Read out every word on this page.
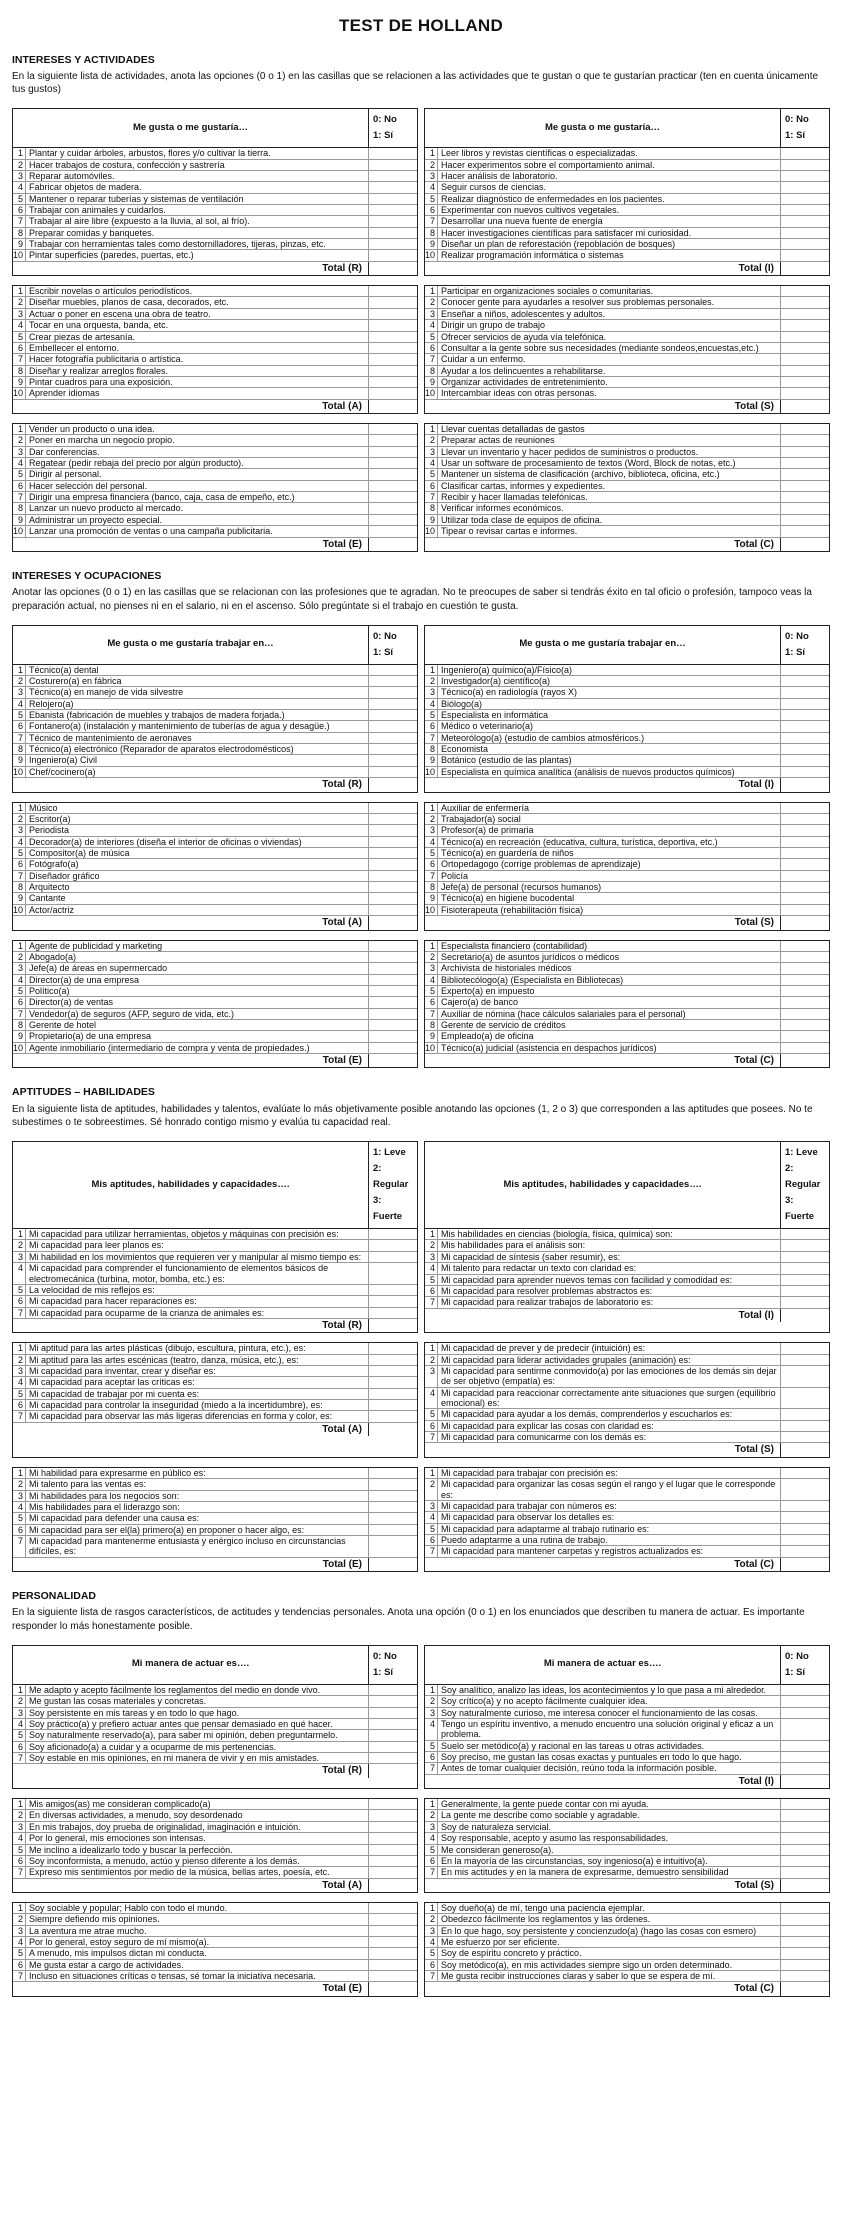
TEST DE HOLLAND
INTERESES Y ACTIVIDADES

En la siguiente lista de actividades, anota las opciones (0 o 1) en las casillas que se relacionen a las actividades que te gustan o que te gustarían practicar (ten en cuenta únicamente tus gustos)

Me gusta o me gustaría…
0: No
1: Sí
1 Plantar y cuidar árboles, arbustos, flores y/o cultivar la tierra.
2 Hacer trabajos de costura, confección y sastrería
3 Reparar automóviles.
4 Fabricar objetos de madera.
5 Mantener o reparar tuberías y sistemas de ventilación
6 Trabajar con animales y cuidarlos.
7 Trabajar al aire libre (expuesto a la lluvia, al sol, al frío).
8 Preparar comidas y banquetes.
9 Trabajar con herramientas tales como destornilladores, tijeras, pinzas, etc.
10 Pintar superficies (paredes, puertas, etc.)
Total (R)
Me gusta o me gustaría…
0: No
1: Sí
1 Leer libros y revistas científicas o especializadas.
2 Hacer experimentos sobre el comportamiento animal.
3 Hacer análisis de laboratorio.
4 Seguir cursos de ciencias.
5 Realizar diagnóstico de enfermedades en los pacientes.
6 Experimentar con nuevos cultivos vegetales.
7 Desarrollar una nueva fuente de energía
8 Hacer investigaciones científicas para satisfacer mi curiosidad.
9 Diseñar un plan de reforestación (repoblación de bosques)
10 Realizar programación informática o sistemas
Total (I)
1 Escribir novelas o artículos periodísticos.
2 Diseñar muebles, planos de casa, decorados, etc.
3 Actuar o poner en escena una obra de teatro.
4 Tocar en una orquesta, banda, etc.
5 Crear piezas de artesanía.
6 Embellecer el entorno.
7 Hacer fotografía publicitaria o artística.
8 Diseñar y realizar arreglos florales.
9 Pintar cuadros para una exposición.
10 Aprender idiomas
Total (A)
1 Participar en organizaciones sociales o comunitarias.
2 Conocer gente para ayudarles a resolver sus problemas personales.
3 Enseñar a niños, adolescentes y adultos.
4 Dirigir un grupo de trabajo
5 Ofrecer servicios de ayuda vía telefónica.
6 Consultar a la gente sobre sus necesidades (mediante sondeos,encuestas,etc.)
7 Cuidar a un enfermo.
8 Ayudar a los delincuentes a rehabilitarse.
9 Organizar actividades de entretenimiento.
10 Intercambiar ideas con otras personas.
Total (S)
1 Vender un producto o una idea.
2 Poner en marcha un negocio propio.
3 Dar conferencias.
4 Regatear (pedir rebaja del precio por algún producto).
5 Dirigir al personal.
6 Hacer selección del personal.
7 Dirigir una empresa financiera (banco, caja, casa de empeño, etc.)
8 Lanzar un nuevo producto al mercado.
9 Administrar un proyecto especial.
10 Lanzar una promoción de ventas o una campaña publicitaria.
Total (E)
1 Llevar cuentas detalladas de gastos
2 Preparar actas de reuniones
3 Llevar un inventario y hacer pedidos de suministros o productos.
4 Usar un software de procesamiento de textos (Word, Block de notas, etc.)
5 Mantener un sistema de clasificación (archivo, biblioteca, oficina, etc.)
6 Clasificar cartas, informes y expedientes.
7 Recibir y hacer llamadas telefónicas.
8 Verificar informes económicos.
9 Utilizar toda clase de equipos de oficina.
10 Tipear o revisar cartas e informes.
Total (C)
INTERESES Y OCUPACIONES

Anotar las opciones (0 o 1) en las casillas que se relacionan con las profesiones que te agradan. No te preocupes de saber si tendrás éxito en tal oficio o profesión, tampoco veas la preparación actual, no pienses ni en el salario, ni en el ascenso. Sólo pregúntate si el trabajo en cuestión te gusta.

Me gusta o me gustaría trabajar en…
0: No
1: Sí
1 Técnico(a) dental
2 Costurero(a) en fábrica
3 Técnico(a) en manejo de vida silvestre
4 Relojero(a)
5 Ebanista (fabricación de muebles y trabajos de madera forjada.)
6 Fontanero(a) (instalación y mantenimiento de tuberías de agua y desagüe.)
7 Técnico de mantenimiento de aeronaves
8 Técnico(a) electrónico (Reparador de aparatos electrodomésticos)
9 Ingeniero(a) Civil
10 Chef/cocinero(a)
Total (R)
Me gusta o me gustaría trabajar en…
0: No
1: Sí
1 Ingeniero(a) químico(a)/Físico(a)
2 Investigador(a) científico(a)
3 Técnico(a) en radiología (rayos X)
4 Biólogo(a)
5 Especialista en informática
6 Médico o veterinario(a)
7 Meteorólogo(a) (estudio de cambios atmosféricos.)
8 Economista
9 Botánico (estudio de las plantas)
10 Especialista en química analítica (análisis de nuevos productos químicos)
Total (I)
1 Músico
2 Escritor(a)
3 Periodista
4 Decorador(a) de interiores (diseña el interior de oficinas o viviendas)
5 Compositor(a) de música
6 Fotógrafo(a)
7 Diseñador gráfico
8 Arquitecto
9 Cantante
10 Actor/actriz
Total (A)
1 Auxiliar de enfermería
2 Trabajador(a) social
3 Profesor(a) de primaria
4 Técnico(a) en recreación (educativa, cultura, turística, deportiva, etc.)
5 Técnico(a) en guardería de niños
6 Ortopedagogo (corrige problemas de aprendizaje)
7 Policía
8 Jefe(a) de personal (recursos humanos)
9 Técnico(a) en higiene bucodental
10 Fisioterapeuta (rehabilitación física)
Total (S)
1 Agente de publicidad y marketing
2 Abogado(a)
3 Jefe(a) de áreas en supermercado
4 Director(a) de una empresa
5 Político(a)
6 Director(a) de ventas
7 Vendedor(a) de seguros (AFP, seguro de vida, etc.)
8 Gerente de hotel
9 Propietario(a) de una empresa
10 Agente inmobiliario (intermediario de compra y venta de propiedades.)
Total (E)
1 Especialista financiero (contabilidad)
2 Secretario(a) de asuntos jurídicos o médicos
3 Archivista de historiales médicos
4 Bibliotecólogo(a) (Especialista en Bibliotecas)
5 Experto(a) en impuesto
6 Cajero(a) de banco
7 Auxiliar de nómina (hace cálculos salariales para el personal)
8 Gerente de servicio de créditos
9 Empleado(a) de oficina
10 Técnico(a) judicial (asistencia en despachos jurídicos)
Total (C)
APTITUDES – HABILIDADES

En la siguiente lista de aptitudes, habilidades y talentos, evalúate lo más objetivamente posible anotando las opciones (1, 2 o 3) que corresponden a las aptitudes que posees. No te subestimes o te sobreestimes. Sé honrado contigo mismo y evalúa tu capacidad real.

Mis aptitudes, habilidades y capacidades….
1: Leve
2: Regular
3: Fuerte
1 Mi capacidad para utilizar herramientas, objetos y máquinas con precisión es:
2 Mi capacidad para leer planos es:
3 Mi habilidad en los movimientos que requieren ver y manipular al mismo tiempo es:
4 Mi capacidad para comprender el funcionamiento de elementos básicos de electromecánica (turbina, motor, bomba, etc.) es:
5 La velocidad de mis reflejos es:
6 Mi capacidad para hacer reparaciones es:
7 Mi capacidad para ocuparme de la crianza de animales es:
Total (R)
Mis aptitudes, habilidades y capacidades….
1: Leve
2: Regular
3: Fuerte
1 Mis habilidades en ciencias (biología, física, química) son:
2 Mis habilidades para el análisis son:
3 Mi capacidad de síntesis (saber resumir), es:
4 Mi talento para redactar un texto con claridad es:
5 Mi capacidad para aprender nuevos temas con facilidad y comodidad es:
6 Mi capacidad para resolver problemas abstractos es:
7 Mi capacidad para realizar trabajos de laboratorio es:
Total (I)
1 Mi aptitud para las artes plásticas (dibujo, escultura, pintura, etc.), es:
2 Mi aptitud para las artes escénicas (teatro, danza, música, etc.), es:
3 Mi capacidad para inventar, crear y diseñar es:
4 Mi capacidad para aceptar las críticas es:
5 Mi capacidad de trabajar por mi cuenta es:
6 Mi capacidad para controlar la inseguridad (miedo a la incertidumbre), es:
7 Mi capacidad para observar las más ligeras diferencias en forma y color, es:
Total (A)
1 Mi capacidad de prever y de predecir (intuición) es:
2 Mi capacidad para liderar actividades grupales (animación) es:
3 Mi capacidad para sentirme conmovido(a) por las emociones de los demás sin dejar de ser objetivo (empatía) es:
4 Mi capacidad para reaccionar correctamente ante situaciones que surgen (equilibrio emocional) es:
5 Mi capacidad para ayudar a los demás, comprenderlos y escucharlos es:
6 Mi capacidad para explicar las cosas con claridad es:
7 Mi capacidad para comunicarme con los demás es:
Total (S)
1 Mi habilidad para expresarme en público es:
2 Mi talento para las ventas es:
3 Mi habilidades para los negocios son:
4 Mis habilidades para el liderazgo son:
5 Mi capacidad para defender una causa es:
6 Mi capacidad para ser el(la) primero(a) en proponer o hacer algo, es:
7 Mi capacidad para mantenerme entusiasta y enérgico incluso en circunstancias difíciles, es:
Total (E)
1 Mi capacidad para trabajar con precisión es:
2 Mi capacidad para organizar las cosas según el rango y el lugar que le corresponde es:
3 Mi capacidad para trabajar con números es:
4 Mi capacidad para observar los detalles es:
5 Mi capacidad para adaptarme al trabajo rutinario es:
6 Puedo adaptarme a una rutina de trabajo.
7 Mi capacidad para mantener carpetas y registros actualizados es:
Total (C)
PERSONALIDAD

En la siguiente lista de rasgos característicos, de actitudes y tendencias personales. Anota una opción (0 o 1) en los enunciados que describen tu manera de actuar. Es importante responder lo más honestamente posible.

Mi manera de actuar es….
0: No
1: Sí
1 Me adapto y acepto fácilmente los reglamentos del medio en donde vivo.
2 Me gustan las cosas materiales y concretas.
3 Soy persistente en mis tareas y en todo lo que hago.
4 Soy práctico(a) y prefiero actuar antes que pensar demasiado en qué hacer.
5 Soy naturalmente reservado(a), para saber mi opinión, deben preguntarmelo.
6 Soy aficionado(a) a cuidar y a ocuparme de mis pertenencias.
7 Soy estable en mis opiniones, en mi manera de vivir y en mis amistades.
Total (R)
Mi manera de actuar es….
0: No
1: Sí
1 Soy analítico, analizo las ideas, los acontecimientos y lo que pasa a mi alrededor.
2 Soy crítico(a) y no acepto fácilmente cualquier idea.
3 Soy naturalmente curioso, me interesa conocer el funcionamiento de las cosas.
4 Tengo un espíritu inventivo, a menudo encuentro una solución original y eficaz a un problema.
5 Suelo ser metódico(a) y racional en las tareas u otras actividades.
6 Soy preciso, me gustan las cosas exactas y puntuales en todo lo que hago.
7 Antes de tomar cualquier decisión, reúno toda la información posible.
Total (I)
1 Mis amigos(as) me consideran complicado(a)
2 En diversas actividades, a menudo, soy desordenado
3 En mis trabajos, doy prueba de originalidad, imaginación e intuición.
4 Por lo general, mis emociones son intensas.
5 Me inclino a idealizarlo todo y buscar la perfección.
6 Soy inconformista, a menudo, actúo y pienso diferente a los demás.
7 Expreso mis sentimientos por medio de la música, bellas artes, poesía, etc.
Total (A)
1 Generalmente, la gente puede contar con mi ayuda.
2 La gente me describe como sociable y agradable.
3 Soy de naturaleza servicial.
4 Soy responsable, acepto y asumo las responsabilidades.
5 Me consideran generoso(a).
6 En la mayoría de las circunstancias, soy ingenioso(a) e intuitivo(a).
7 En mis actitudes y en la manera de expresarme, demuestro sensibilidad
Total (S)
1 Soy sociable y popular; Hablo con todo el mundo.
2 Siempre defiendo mis opiniones.
3 La aventura me atrae mucho.
4 Por lo general, estoy seguro de mí mismo(a).
5 A menudo, mis impulsos dictan mi conducta.
6 Me gusta estar a cargo de actividades.
7 Incluso en situaciones críticas o tensas, sé tomar la iniciativa necesaria.
Total (E)
1 Soy dueño(a) de mí, tengo una paciencia ejemplar.
2 Obedezco fácilmente los reglamentos y las órdenes.
3 En lo que hago, soy persistente y concienzudo(a) (hago las cosas con esmero)
4 Me esfuerzo por ser eficiente.
5 Soy de espíritu concreto y práctico.
6 Soy metódico(a), en mis actividades siempre sigo un orden determinado.
7 Me gusta recibir instrucciones claras y saber lo que se espera de mí.
Total (C)
